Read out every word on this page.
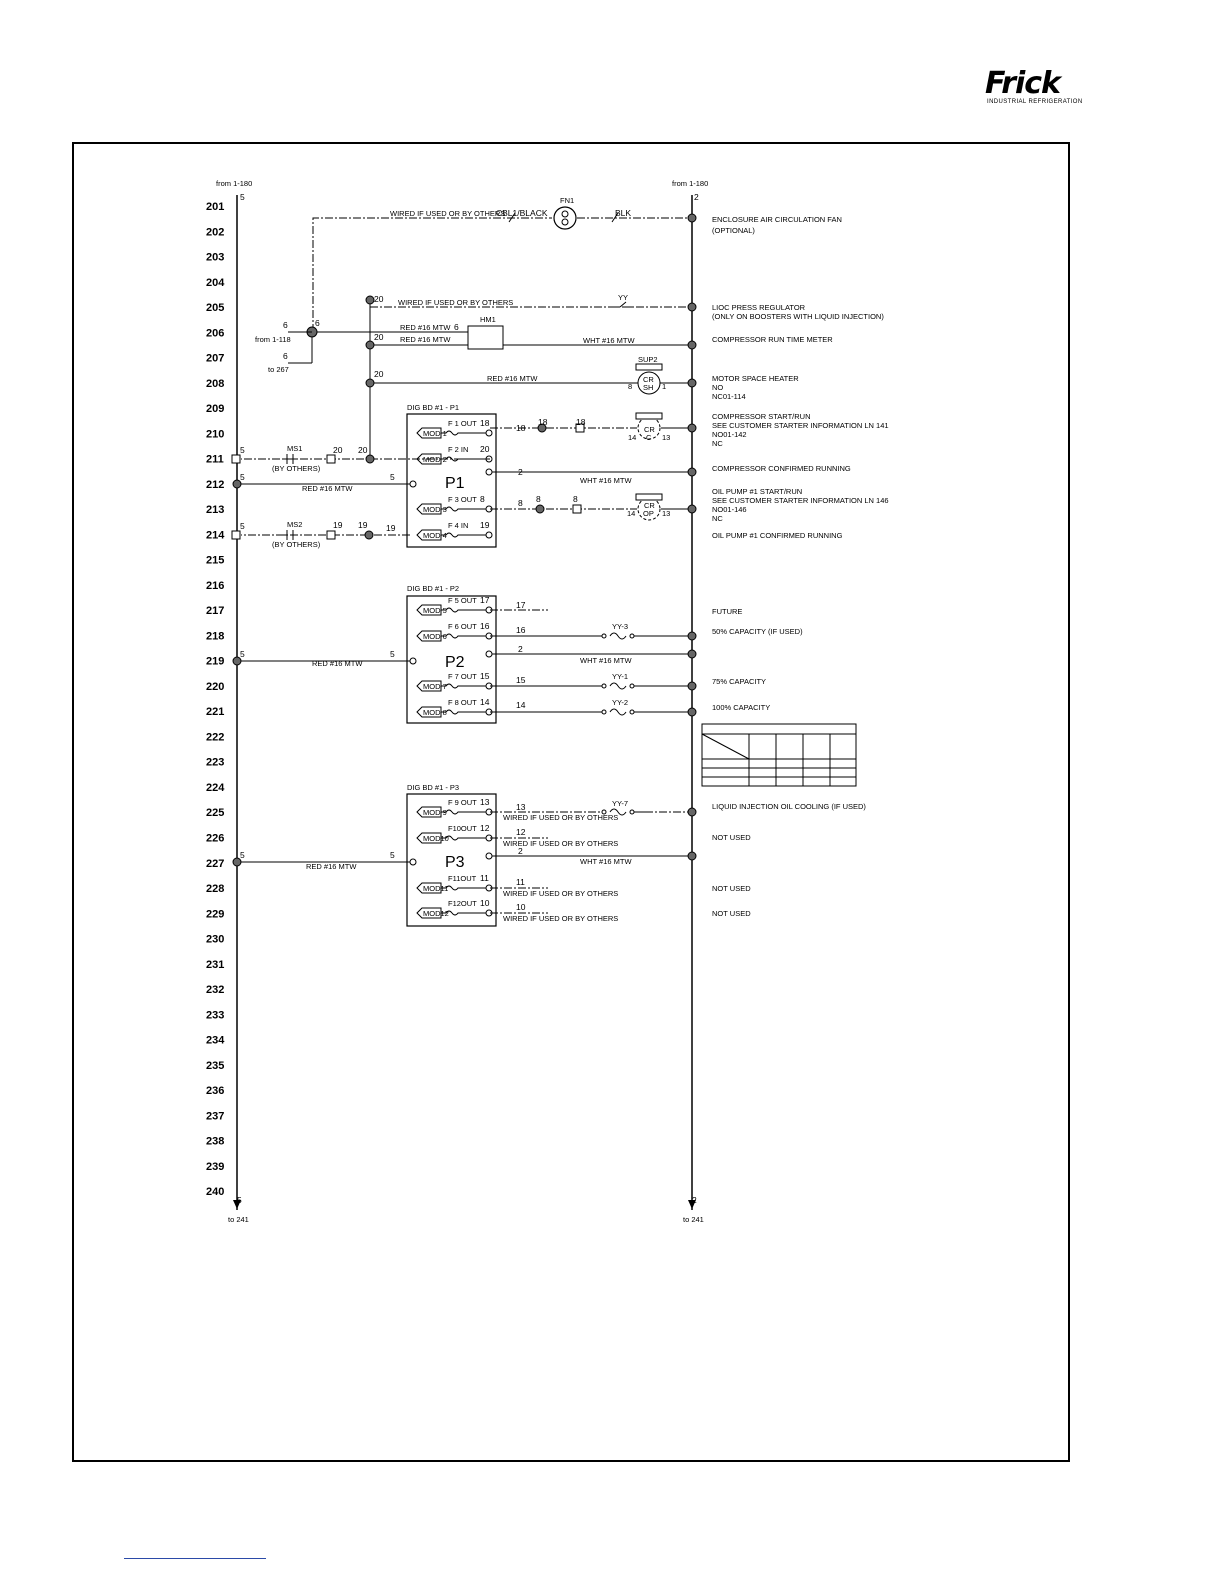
Frick
INDUSTRIAL REFRIGERATION
201
202
203
204
205
206
207
208
209
210
211
212
213
214
215
216
217
218
219
220
221
222
223
224
225
226
227
228
229
230
231
232
233
234
235
236
237
238
239
240
from 1-180	from 1-180
5	2
5	2
to 241	to 241
FN1
WIRED IF USED OR BY OTHERS
CBL1/BLACK	BLK
20 WIRED IF USED OR BY OTHERS
YY
6	6
6
from 1-118
to 267
20 RED #16 MTW
RED #16 MTW 6
HM1
WHT #16 MTW
20	RED #16 MTW
SUP2
CR
SH
8	1
DIG BD #1 - P1
P1
MOD 1
F 1 OUT 18
MOD 2
F 2 IN 20
MOD 3
F 3 OUT 8
MOD 4
F 4 IN 19
18
18	18
CR
C
14	13
20
20
MS1
(BY OTHERS)
5
2
WHT #16 MTW
5
RED #16 MTW
5
8 8	8
CR
OP
14	13
19
19
19
MS2
(BY OTHERS)
5
DIG BD #1 - P2
P2
MOD 5
F 5 OUT 17
MOD 6
F 6 OUT 16
MOD 7
F 7 OUT 15
MOD 8
F 8 OUT 14
17
16
2
15
14
YY-3
YY-1
YY-2
WHT #16 MTW
5
RED #16 MTW
5
DIG BD #1 - P3
P3
MOD 9
F 9 OUT 13
MOD10
F10OUT 12
MOD11
F11OUT 11
MOD12
F12OUT 10
13
WIRED IF USED OR BY OTHERS
YY-7
12
WIRED IF USED OR BY OTHERS
2
WHT #16 MTW
5
RED #16 MTW
5
11
WIRED IF USED OR BY OTHERS
10
WIRED IF USED OR BY OTHERS
ENCLOSURE AIR CIRCULATION FAN
(OPTIONAL)
LIOC PRESS REGULATOR
(ONLY ON BOOSTERS WITH LIQUID INJECTION)
COMPRESSOR RUN TIME METER
MOTOR SPACE HEATER
NO
NC01-114
COMPRESSOR START/RUN
SEE CUSTOMER STARTER INFORMATION LN 141
NO01-142
NC
COMPRESSOR CONFIRMED RUNNING
OIL PUMP #1 START/RUN
SEE CUSTOMER STARTER INFORMATION LN 146
NO01-146
NC
OIL PUMP #1 CONFIRMED RUNNING
FUTURE
50% CAPACITY (IF USED)
75% CAPACITY
100% CAPACITY
LIQUID INJECTION OIL COOLING (IF USED)
NOT USED
NOT USED
NOT USED
